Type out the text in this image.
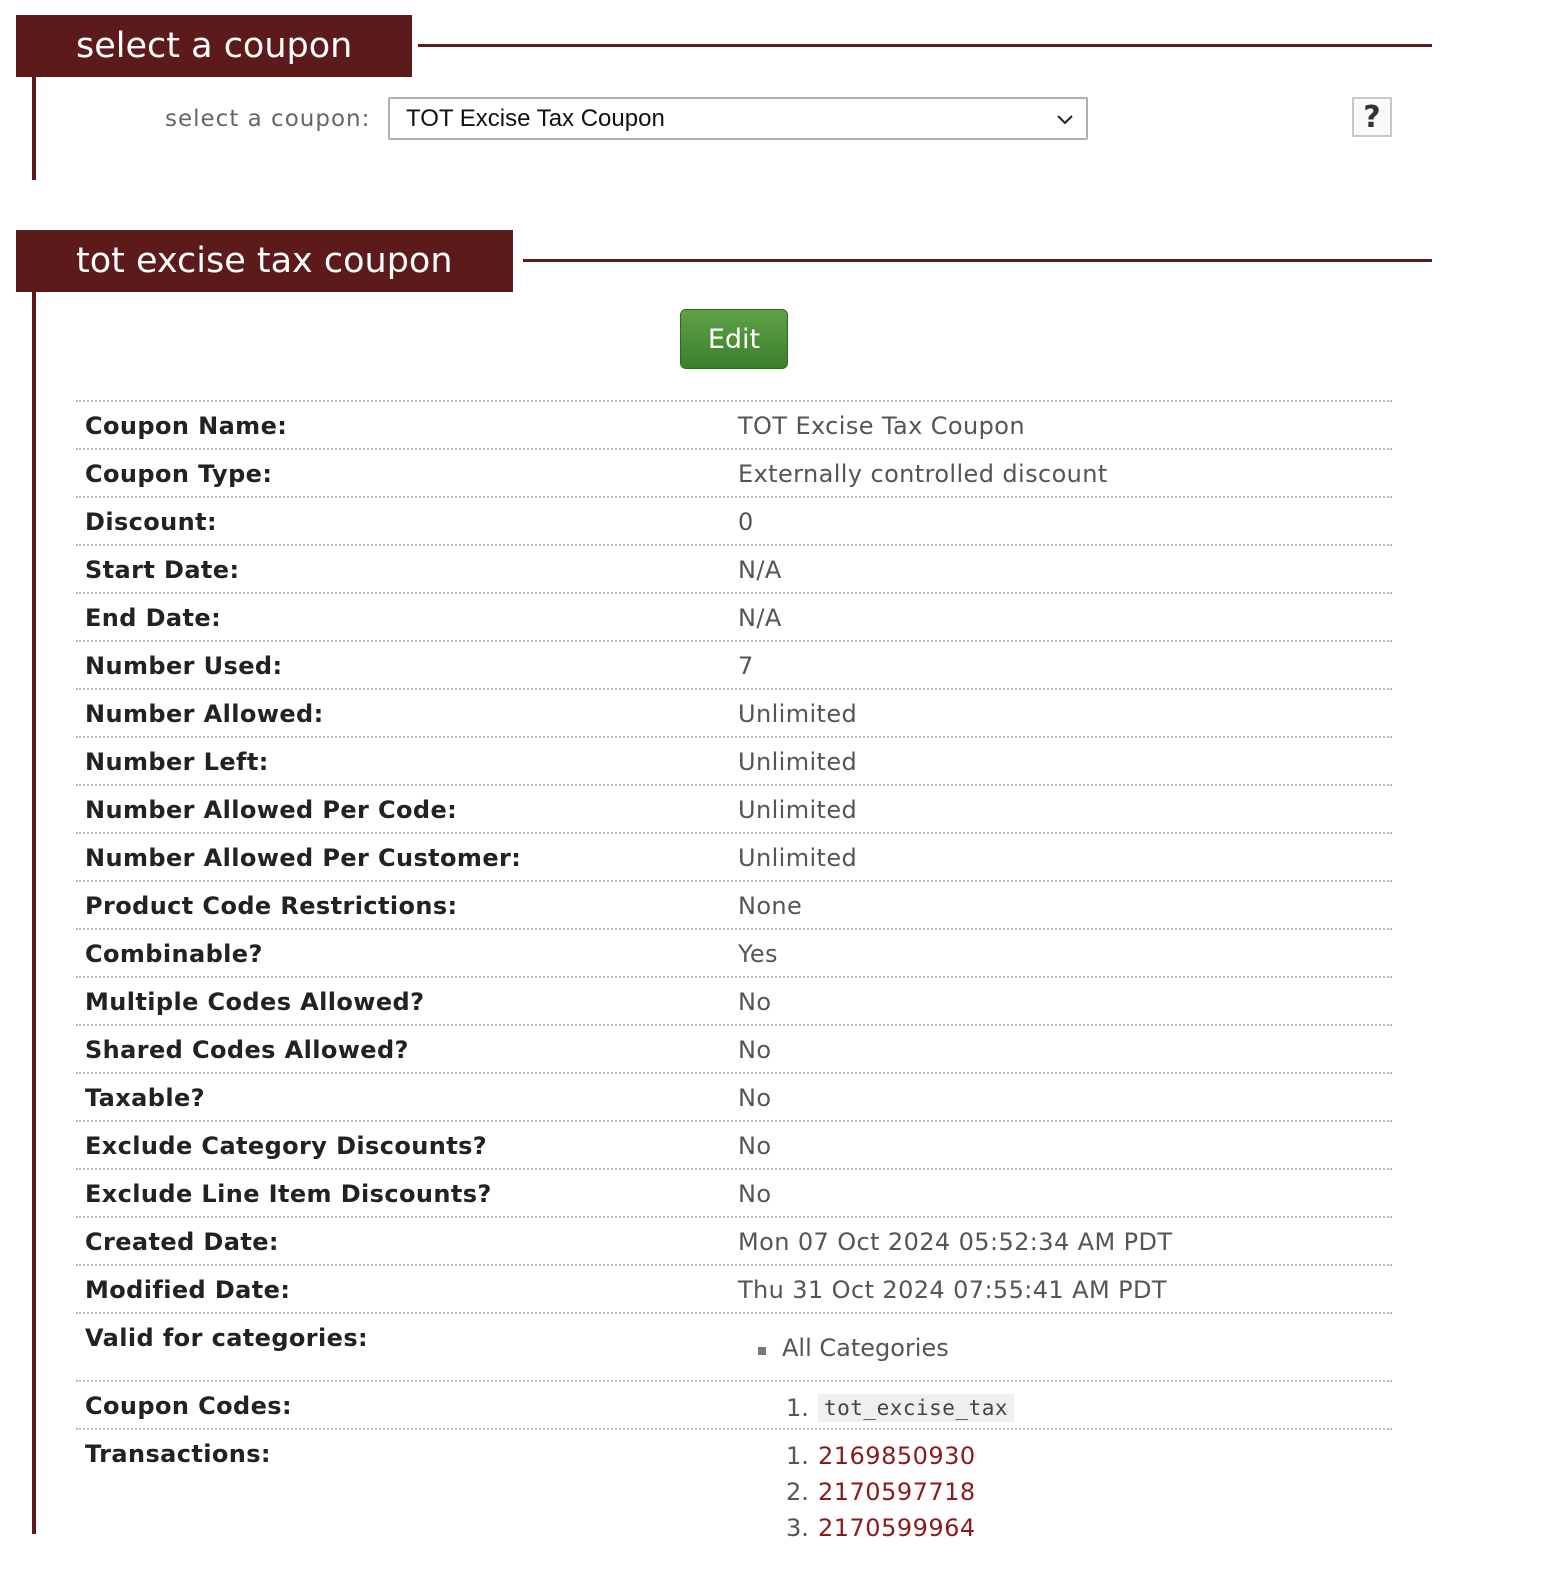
select a coupon
select a coupon: TOT Excise Tax Coupon	?
tot excise tax coupon
Edit
Coupon Name:	TOT Excise Tax Coupon
Coupon Type:	Externally controlled discount
Discount:	0
Start Date:	N/A
End Date:	N/A
Number Used:	7
Number Allowed:	Unlimited
Number Left:	Unlimited
Number Allowed Per Code:	Unlimited
Number Allowed Per Customer:	Unlimited
Product Code Restrictions:	None
Combinable?	Yes
Multiple Codes Allowed?	No
Shared Codes Allowed?	No
Taxable?	No
Exclude Category Discounts?	No
Exclude Line Item Discounts?	No
Created Date:	Mon 07 Oct 2024 05:52:34 AM PDT
Modified Date:	Thu 31 Oct 2024 07:55:41 AM PDT
Valid for categories:	All Categories
Coupon Codes:	1. tot_excise_tax
Transactions:	1. 2169850930
2. 2170597718
3. 2170599964
